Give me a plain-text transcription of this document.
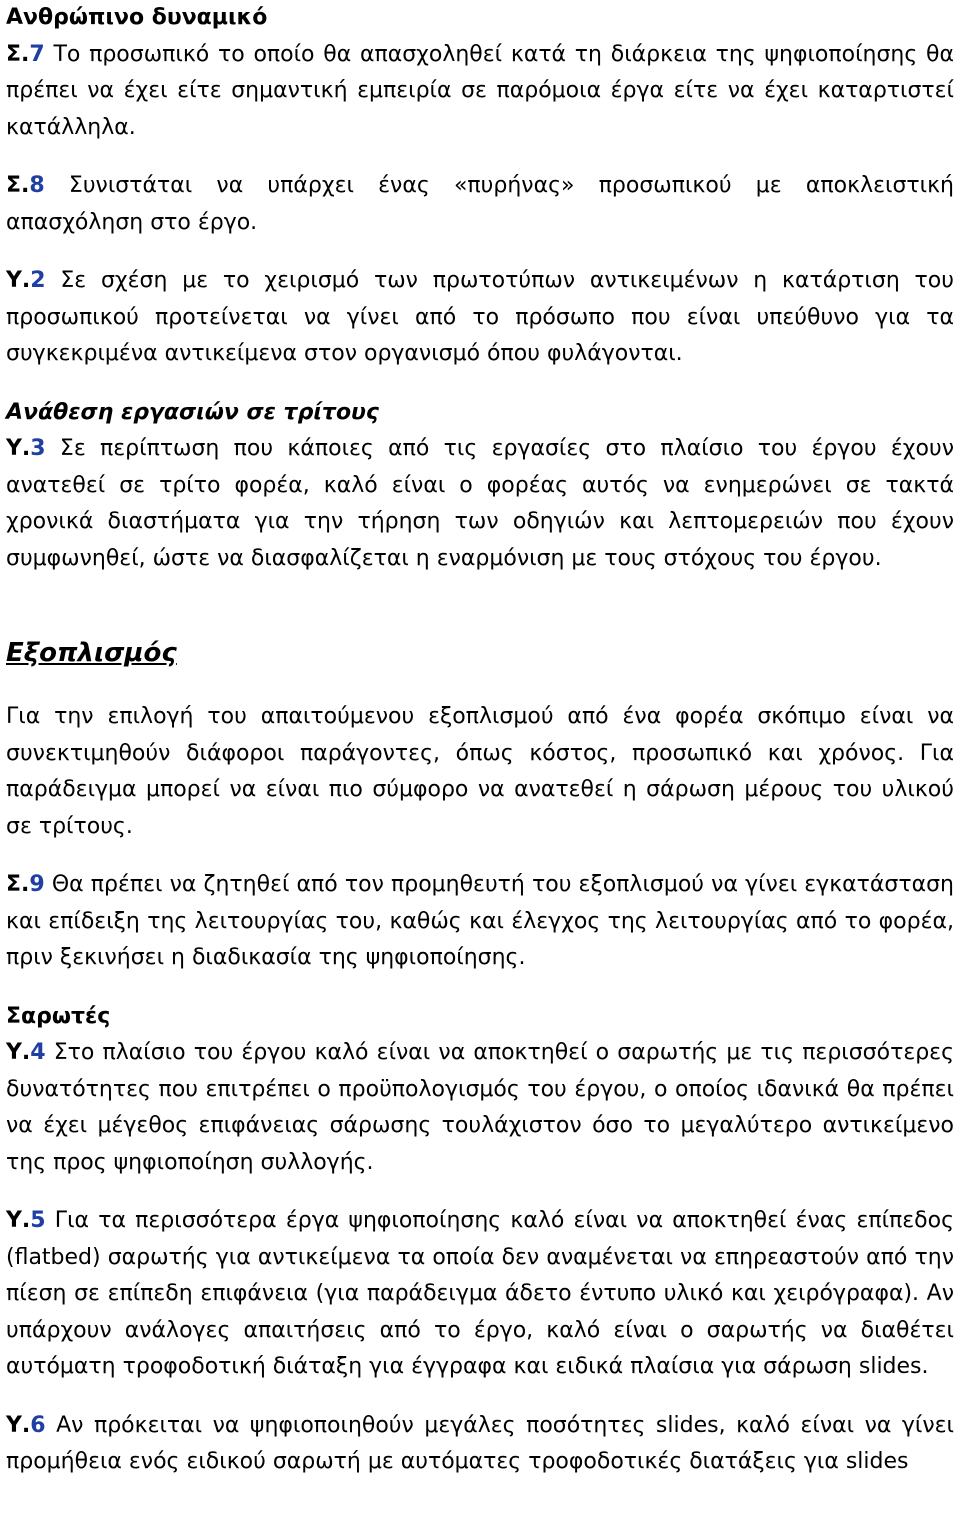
Ανθρώπινο δυναμικό

Σ.7 Το προσωπικό το οποίο θα απασχοληθεί κατά τη διάρκεια της ψηφιοποίησης θα πρέπει να έχει είτε σημαντική εμπειρία σε παρόμοια έργα είτε να έχει καταρτιστεί κατάλληλα.

Σ.8 Συνιστάται να υπάρχει ένας «πυρήνας» προσωπικού με αποκλειστική απασχόληση στο έργο.

Υ.2 Σε σχέση με το χειρισμό των πρωτοτύπων αντικειμένων η κατάρτιση του προσωπικού προτείνεται να γίνει από το πρόσωπο που είναι υπεύθυνο για τα συγκεκριμένα αντικείμενα στον οργανισμό όπου φυλάγονται.

Ανάθεση εργασιών σε τρίτους

Υ.3 Σε περίπτωση που κάποιες από τις εργασίες στο πλαίσιο του έργου έχουν ανατεθεί σε τρίτο φορέα, καλό είναι ο φορέας αυτός να ενημερώνει σε τακτά χρονικά διαστήματα για την τήρηση των οδηγιών και λεπτομερειών που έχουν συμφωνηθεί, ώστε να διασφαλίζεται η εναρμόνιση με τους στόχους του έργου.

Εξοπλισμός

Για την επιλογή του απαιτούμενου εξοπλισμού από ένα φορέα σκόπιμο είναι να συνεκτιμηθούν διάφοροι παράγοντες, όπως κόστος, προσωπικό και χρόνος. Για παράδειγμα μπορεί να είναι πιο σύμφορο να ανατεθεί η σάρωση μέρους του υλικού σε τρίτους.

Σ.9 Θα πρέπει να ζητηθεί από τον προμηθευτή του εξοπλισμού να γίνει εγκατάσταση και επίδειξη της λειτουργίας του, καθώς και έλεγχος της λειτουργίας από το φορέα, πριν ξεκινήσει η διαδικασία της ψηφιοποίησης.

Σαρωτές

Υ.4 Στο πλαίσιο του έργου καλό είναι να αποκτηθεί ο σαρωτής με τις περισσότερες δυνατότητες που επιτρέπει ο προϋπολογισμός του έργου, ο οποίος ιδανικά θα πρέπει να έχει μέγεθος επιφάνειας σάρωσης τουλάχιστον όσο το μεγαλύτερο αντικείμενο της προς ψηφιοποίηση συλλογής.

Υ.5 Για τα περισσότερα έργα ψηφιοποίησης καλό είναι να αποκτηθεί ένας επίπεδος (flatbed) σαρωτής για αντικείμενα τα οποία δεν αναμένεται να επηρεαστούν από την πίεση σε επίπεδη επιφάνεια (για παράδειγμα άδετο έντυπο υλικό και χειρόγραφα). Αν υπάρχουν ανάλογες απαιτήσεις από το έργο, καλό είναι ο σαρωτής να διαθέτει αυτόματη τροφοδοτική διάταξη για έγγραφα και ειδικά πλαίσια για σάρωση slides.

Υ.6 Αν πρόκειται να ψηφιοποιηθούν μεγάλες ποσότητες slides, καλό είναι να γίνει προμήθεια ενός ειδικού σαρωτή με αυτόματες τροφοδοτικές διατάξεις για slides
